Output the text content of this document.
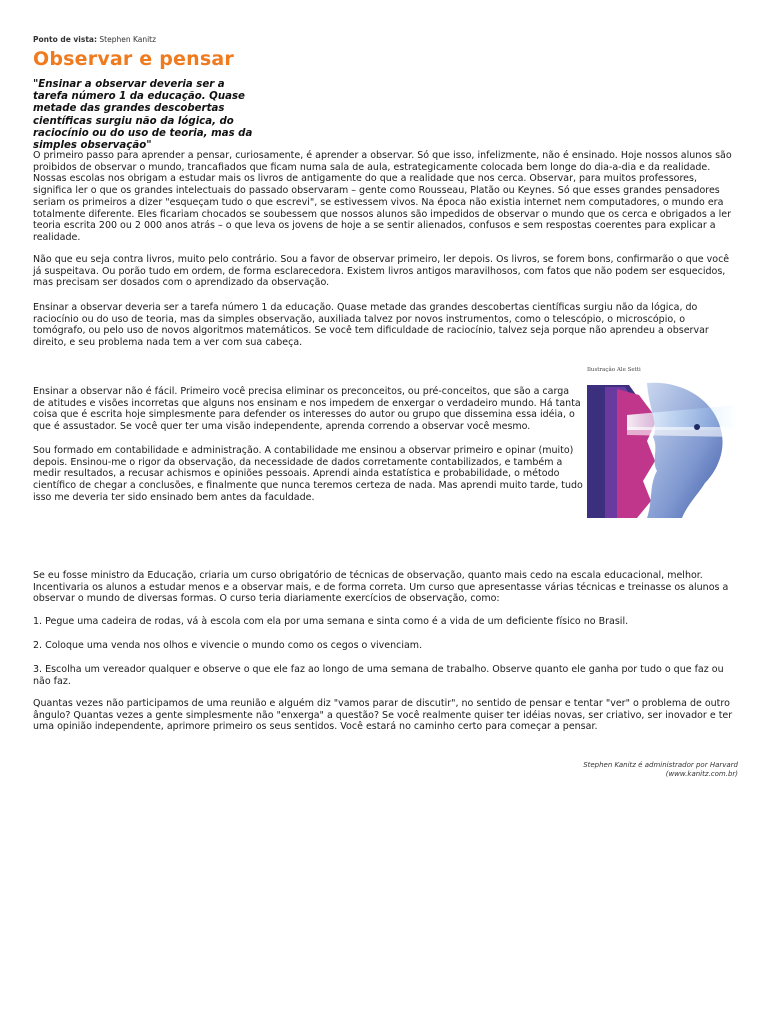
Ponto de vista: Stephen Kanitz
Observar e pensar
"Ensinar a observar deveria ser a tarefa número 1 da educação. Quase metade das grandes descobertas científicas surgiu não da lógica, do raciocínio ou do uso de teoria, mas da simples observação"

O primeiro passo para aprender a pensar, curiosamente, é aprender a observar. Só que isso, infelizmente, não é ensinado. Hoje nossos alunos são proibidos de observar o mundo, trancafiados que ficam numa sala de aula, estrategicamente colocada bem longe do dia-a-dia e da realidade. Nossas escolas nos obrigam a estudar mais os livros de antigamente do que a realidade que nos cerca. Observar, para muitos professores, significa ler o que os grandes intelectuais do passado observaram – gente como Rousseau, Platão ou Keynes. Só que esses grandes pensadores seriam os primeiros a dizer "esqueçam tudo o que escrevi", se estivessem vivos. Na época não existia internet nem computadores, o mundo era totalmente diferente. Eles ficariam chocados se soubessem que nossos alunos são impedidos de observar o mundo que os cerca e obrigados a ler teoria escrita 200 ou 2 000 anos atrás – o que leva os jovens de hoje a se sentir alienados, confusos e sem respostas coerentes para explicar a realidade.

Não que eu seja contra livros, muito pelo contrário. Sou a favor de observar primeiro, ler depois. Os livros, se forem bons, confirmarão o que você já suspeitava. Ou porão tudo em ordem, de forma esclarecedora. Existem livros antigos maravilhosos, com fatos que não podem ser esquecidos, mas precisam ser dosados com o aprendizado da observação.

Ensinar a observar deveria ser a tarefa número 1 da educação. Quase metade das grandes descobertas científicas surgiu não da lógica, do raciocínio ou do uso de teoria, mas da simples observação, auxiliada talvez por novos instrumentos, como o telescópio, o microscópio, o tomógrafo, ou pelo uso de novos algoritmos matemáticos. Se você tem dificuldade de raciocínio, talvez seja porque não aprendeu a observar direito, e seu problema nada tem a ver com sua cabeça.

Ensinar a observar não é fácil. Primeiro você precisa eliminar os preconceitos, ou pré-conceitos, que são a carga de atitudes e visões incorretas que alguns nos ensinam e nos impedem de enxergar o verdadeiro mundo. Há tanta coisa que é escrita hoje simplesmente para defender os interesses do autor ou grupo que dissemina essa idéia, o que é assustador. Se você quer ter uma visão independente, aprenda correndo a observar você mesmo.

Sou formado em contabilidade e administração. A contabilidade me ensinou a observar primeiro e opinar (muito) depois. Ensinou-me o rigor da observação, da necessidade de dados corretamente contabilizados, e também a medir resultados, a recusar achismos e opiniões pessoais. Aprendi ainda estatística e probabilidade, o método científico de chegar a conclusões, e finalmente que nunca teremos certeza de nada. Mas aprendi muito tarde, tudo isso me deveria ter sido ensinado bem antes da faculdade.

Ilustração Ale Setti

Se eu fosse ministro da Educação, criaria um curso obrigatório de técnicas de observação, quanto mais cedo na escala educacional, melhor. Incentivaria os alunos a estudar menos e a observar mais, e de forma correta. Um curso que apresentasse várias técnicas e treinasse os alunos a observar o mundo de diversas formas. O curso teria diariamente exercícios de observação, como:

1. Pegue uma cadeira de rodas, vá à escola com ela por uma semana e sinta como é a vida de um deficiente físico no Brasil.

2. Coloque uma venda nos olhos e vivencie o mundo como os cegos o vivenciam.

3. Escolha um vereador qualquer e observe o que ele faz ao longo de uma semana de trabalho. Observe quanto ele ganha por tudo o que faz ou não faz.

Quantas vezes não participamos de uma reunião e alguém diz "vamos parar de discutir", no sentido de pensar e tentar "ver" o problema de outro ângulo? Quantas vezes a gente simplesmente não "enxerga" a questão? Se você realmente quiser ter idéias novas, ser criativo, ser inovador e ter uma opinião independente, aprimore primeiro os seus sentidos. Você estará no caminho certo para começar a pensar.

Stephen Kanitz é administrador por Harvard
(www.kanitz.com.br)
